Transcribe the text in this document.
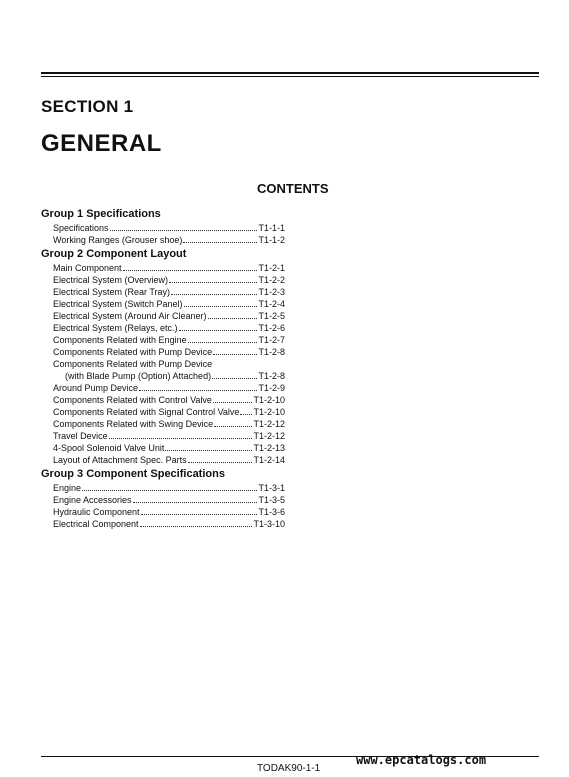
SECTION 1
GENERAL
CONTENTS
Group 1 Specifications
Specifications	T1-1-1
Working Ranges (Grouser shoe)	T1-1-2
Group 2 Component Layout
Main Component	T1-2-1
Electrical System (Overview)	T1-2-2
Electrical System (Rear Tray)	T1-2-3
Electrical System (Switch Panel)	T1-2-4
Electrical System (Around Air Cleaner)	T1-2-5
Electrical System (Relays, etc.)	T1-2-6
Components Related with Engine	T1-2-7
Components Related with Pump Device	T1-2-8
Components Related with Pump Device
(with Blade Pump (Option) Attached)	T1-2-8
Around Pump Device	T1-2-9
Components Related with Control Valve	T1-2-10
Components Related with Signal Control Valve T1-2-10
Components Related with Swing Device	T1-2-12
Travel Device	T1-2-12
4-Spool Solenoid Valve Unit	T1-2-13
Layout of Attachment Spec. Parts	T1-2-14
Group 3 Component Specifications
Engine	T1-3-1
Engine Accessories	T1-3-5
Hydraulic Component	T1-3-6
Electrical Component	T1-3-10
www.epcatalogs.com
TODAK90-1-1
